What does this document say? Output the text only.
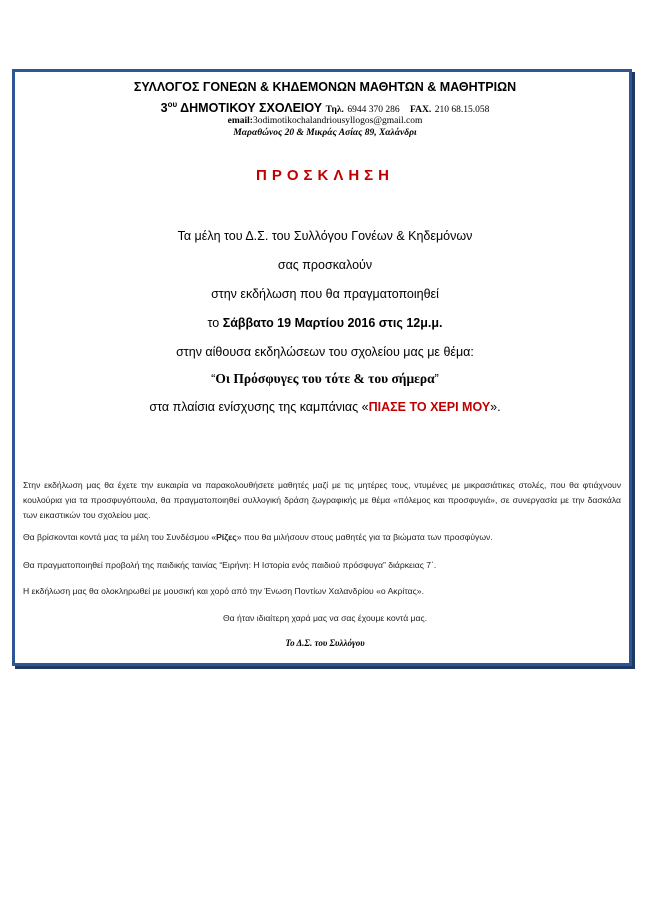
ΣΥΛΛΟΓΟΣ ΓΟΝΕΩΝ & ΚΗΔΕΜΟΝΩΝ ΜΑΘΗΤΩΝ & ΜΑΘΗΤΡΙΩΝ
$3^{o\upsilon}$ ΔΗΜΟΤΙΚΟΥ ΣΧΟΛΕΙΟΥ Τηλ. 6944 370 286 FAX. 210 68.15.058
email:3odimotikochalandriousyllogos@gmail.com
Μαραθώνος 20 & Μικράς Ασίας 89, Χαλάνδρι
ΠΡΟΣΚΛΗΣΗ
Τα μέλη του Δ.Σ. του Συλλόγου Γονέων & Κηδεμόνων
σας προσκαλούν
στην εκδήλωση που θα πραγματοποιηθεί
το Σάββατο 19 Μαρτίου 2016 στις 12μ.μ.
στην αίθουσα εκδηλώσεων του σχολείου μας με θέμα:
“Οι Πρόσφυγες του τότε & του σήμερα”
στα πλαίσια ενίσχυσης της καμπάνιας «ΠΙΑΣΕ ΤΟ ΧΕΡΙ ΜΟΥ».
Στην εκδήλωση μας θα έχετε την ευκαιρία να παρακολουθήσετε μαθητές μαζί με τις μητέρες τους, ντυμένες με μικρασιάτικες στολές, που θα φτιάχνουν κουλούρια για τα προσφυγόπουλα, θα πραγματοποιηθεί συλλογική δράση ζωγραφικής με θέμα «πόλεμος και προσφυγιά», σε συνεργασία με την δασκάλα των εικαστικών του σχολείου μας.
Θα βρίσκονται κοντά μας τα μέλη του Συνδέσμου «Ρίζες» που θα μιλήσουν στους μαθητές για τα βιώματα των προσφύγων.
Θα πραγματοποιηθεί προβολή της παιδικής ταινίας “Ειρήνη: Η Ιστορία ενός παιδιού πρόσφυγα” διάρκειας 7΄.
Η εκδήλωση μας θα ολοκληρωθεί με μουσική και χορό από την Ένωση Ποντίων Χαλανδρίου «ο Ακρίτας».
Θα ήταν ιδιαίτερη χαρά μας να σας έχουμε κοντά μας.
Το Δ.Σ. του Συλλόγου
